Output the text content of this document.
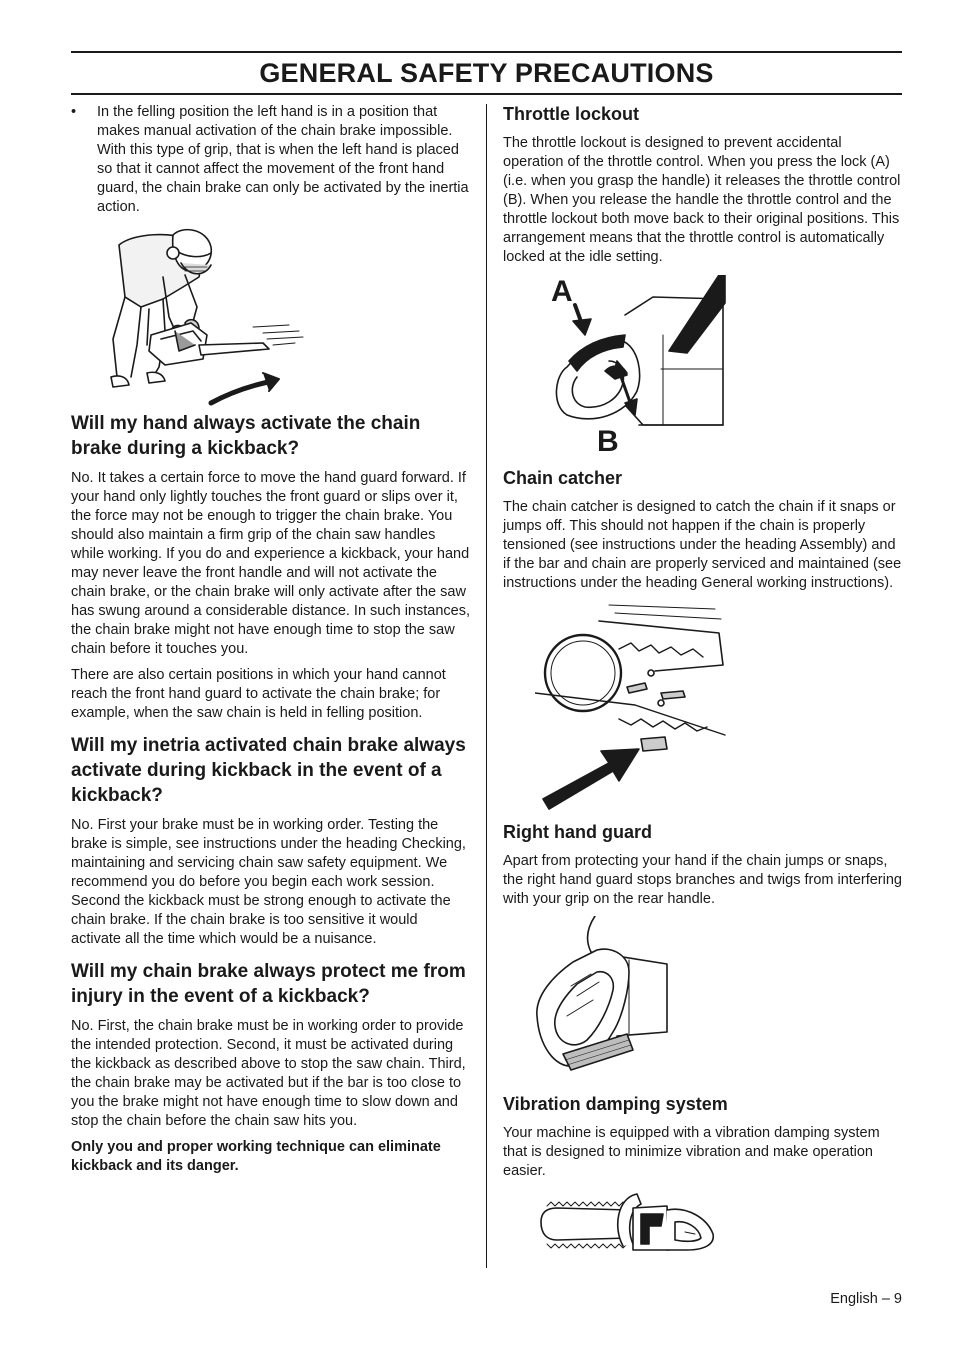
GENERAL SAFETY PRECAUTIONS

• In the felling position the left hand is in a position that makes manual activation of the chain brake impossible. With this type of grip, that is when the left hand is placed so that it cannot affect the movement of the front hand guard, the chain brake can only be activated by the inertia action.

Will my hand always activate the chain brake during a kickback?

No. It takes a certain force to move the hand guard forward. If your hand only lightly touches the front guard or slips over it, the force may not be enough to trigger the chain brake. You should also maintain a firm grip of the chain saw handles while working. If you do and experience a kickback, your hand may never leave the front handle and will not activate the chain brake, or the chain brake will only activate after the saw has swung around a considerable distance. In such instances, the chain brake might not have enough time to stop the saw chain before it touches you.

There are also certain positions in which your hand cannot reach the front hand guard to activate the chain brake; for example, when the saw chain is held in felling position.

Will my inetria activated chain brake always activate during kickback in the event of a kickback?

No. First your brake must be in working order. Testing the brake is simple, see instructions under the heading Checking, maintaining and servicing chain saw safety equipment. We recommend you do before you begin each work session. Second the kickback must be strong enough to activate the chain brake. If the chain brake is too sensitive it would activate all the time which would be a nuisance.

Will my chain brake always protect me from injury in the event of a kickback?

No. First, the chain brake must be in working order to provide the intended protection. Second, it must be activated during the kickback as described above to stop the saw chain. Third, the chain brake may be activated but if the bar is too close to you the brake might not have enough time to slow down and stop the chain before the chain saw hits you.

Only you and proper working technique can eliminate kickback and its danger.

Throttle lockout

The throttle lockout is designed to prevent accidental operation of the throttle control. When you press the lock (A) (i.e. when you grasp the handle) it releases the throttle control (B). When you release the handle the throttle control and the throttle lockout both move back to their original positions. This arrangement means that the throttle control is automatically locked at the idle setting.

A
B
Chain catcher

The chain catcher is designed to catch the chain if it snaps or jumps off. This should not happen if the chain is properly tensioned (see instructions under the heading Assembly) and if the bar and chain are properly serviced and maintained (see instructions under the heading General working instructions).

Right hand guard

Apart from protecting your hand if the chain jumps or snaps, the right hand guard stops branches and twigs from interfering with your grip on the rear handle.

Vibration damping system

Your machine is equipped with a vibration damping system that is designed to minimize vibration and make operation easier.

English – 9
